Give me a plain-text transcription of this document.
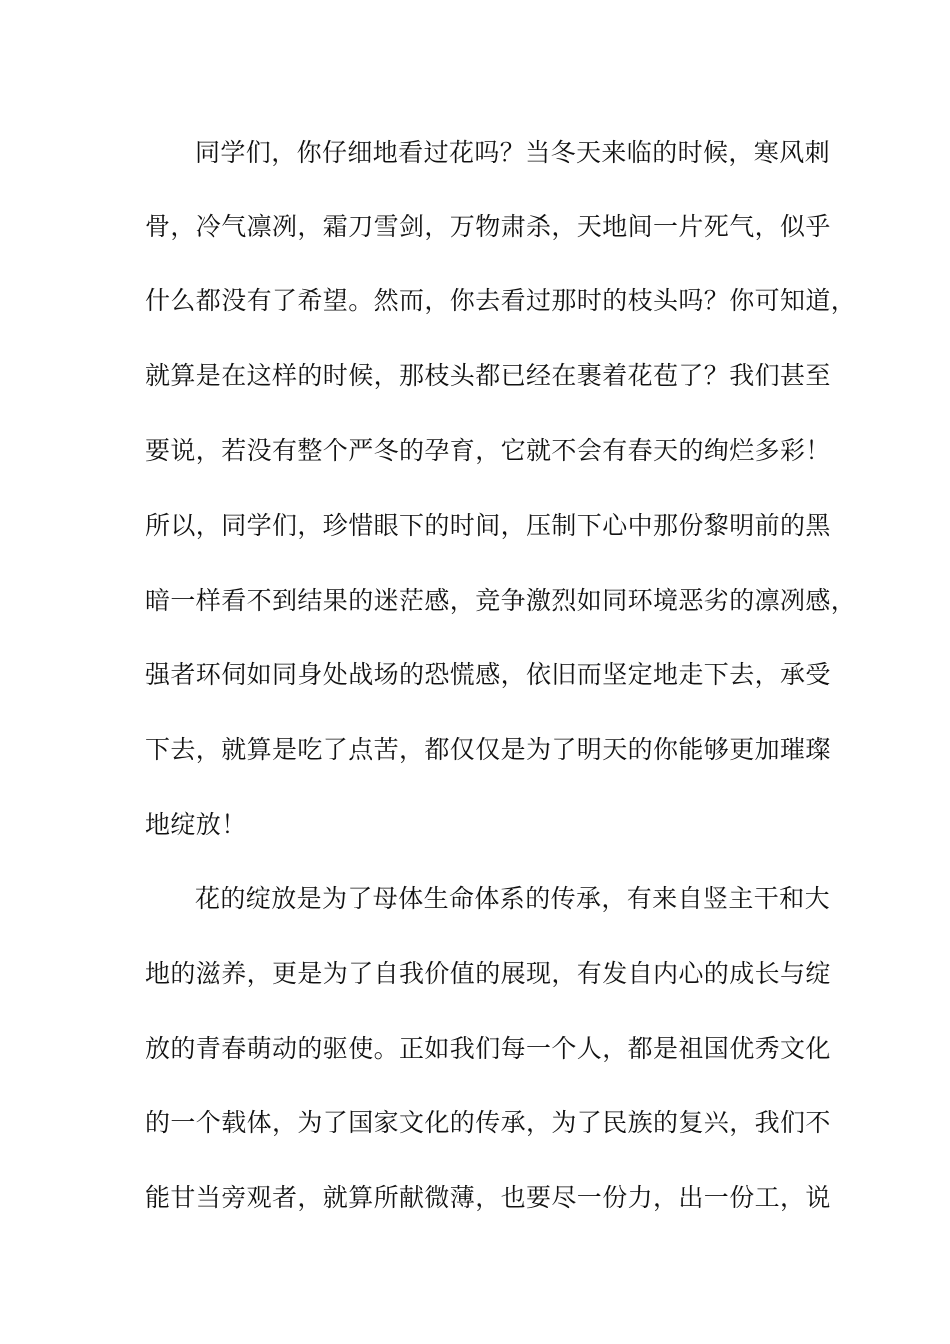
同学们，你仔细地看过花吗？当冬天来临的时候，寒风刺
骨，冷气凛冽，霜刀雪剑，万物肃杀，天地间一片死气，似乎
什么都没有了希望。然而，你去看过那时的枝头吗？你可知道，
就算是在这样的时候，那枝头都已经在裹着花苞了？我们甚至
要说，若没有整个严冬的孕育，它就不会有春天的绚烂多彩！
所以，同学们，珍惜眼下的时间，压制下心中那份黎明前的黑
暗一样看不到结果的迷茫感，竞争激烈如同环境恶劣的凛冽感，
强者环伺如同身处战场的恐慌感，依旧而坚定地走下去，承受
下去，就算是吃了点苦，都仅仅是为了明天的你能够更加璀璨
地绽放！
花的绽放是为了母体生命体系的传承，有来自竖主干和大
地的滋养，更是为了自我价值的展现，有发自内心的成长与绽
放的青春萌动的驱使。正如我们每一个人，都是祖国优秀文化
的一个载体，为了国家文化的传承，为了民族的复兴，我们不
能甘当旁观者，就算所献微薄，也要尽一份力，出一份工，说
